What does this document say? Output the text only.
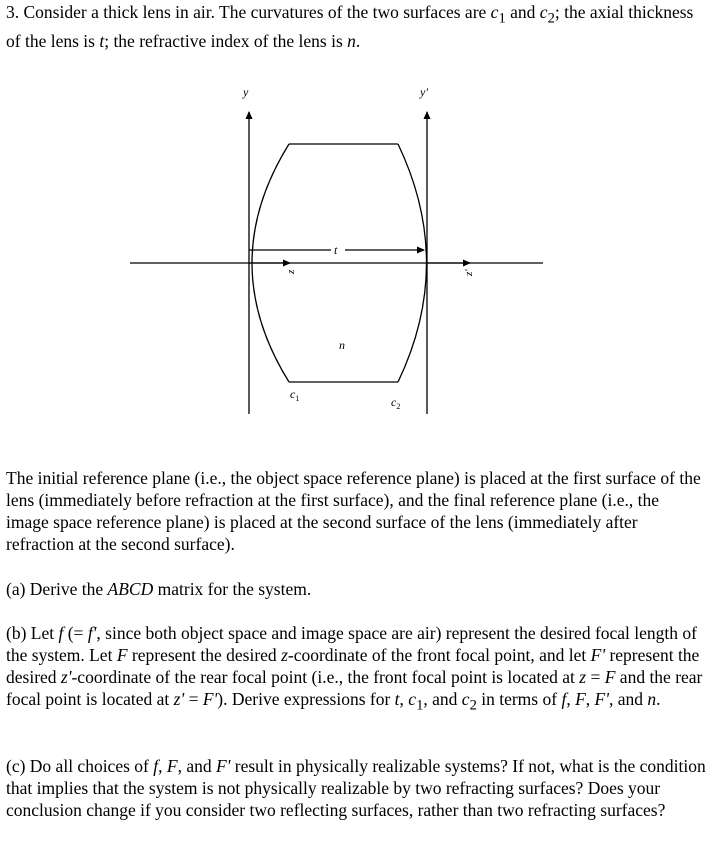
3. Consider a thick lens in air. The curvatures of the two surfaces are $c_1$ and $c_2$; the axial thickness of the lens is t; the refractive index of the lens is n.

y	y'
t
z	z'
n
$c_1$	$c_2$

The initial reference plane (i.e., the object space reference plane) is placed at the first surface of the lens (immediately before refraction at the first surface), and the final reference plane (i.e., the image space reference plane) is placed at the second surface of the lens (immediately after refraction at the second surface).

(a) Derive the ABCD matrix for the system.

(b) Let f (= f', since both object space and image space are air) represent the desired focal length of the system. Let F represent the desired z-coordinate of the front focal point, and let F' represent the desired z'-coordinate of the rear focal point (i.e., the front focal point is located at z = F and the rear focal point is located at z' = F'). Derive expressions for t, $c_1$, and $c_2$ in terms of f, F, F', and n.

(c) Do all choices of f, F, and F' result in physically realizable systems? If not, what is the condition that implies that the system is not physically realizable by two refracting surfaces? Does your conclusion change if you consider two reflecting surfaces, rather than two refracting surfaces?
